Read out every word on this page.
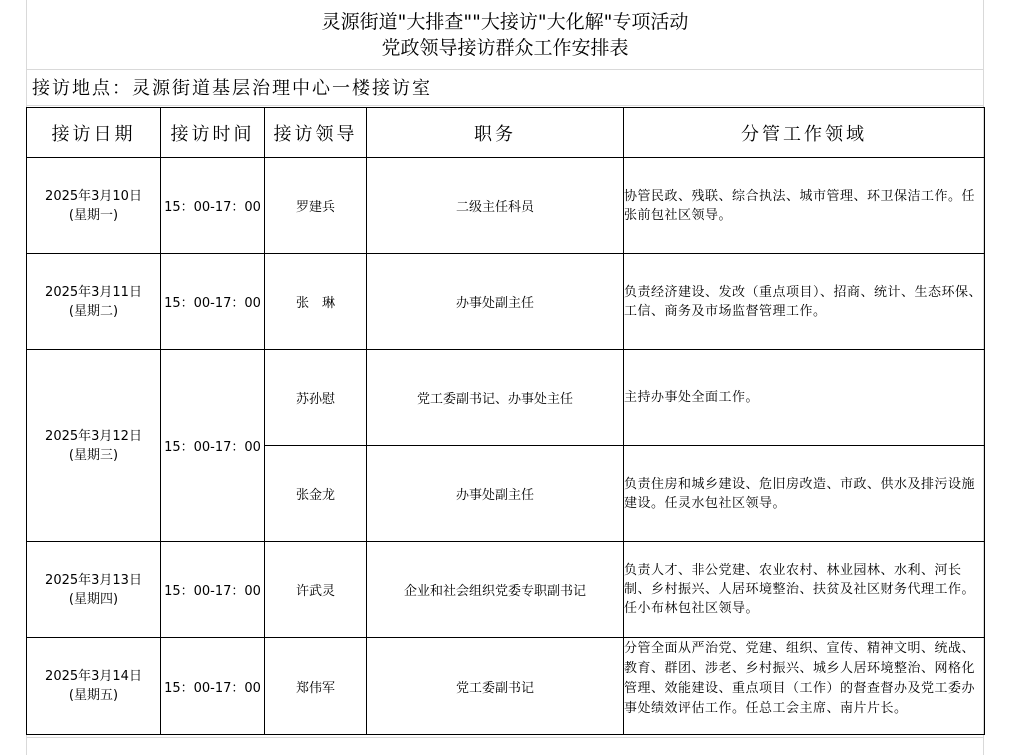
灵源街道"大排查""大接访"大化解"专项活动
党政领导接访群众工作安排表
接访地点：灵源街道基层治理中心一楼接访室
接访日期	接访时间	接访领导	职务	分管工作领域

2025年3月10日
(星期一)	15：00-17：00	罗建兵	二级主任科员	协管民政、残联、综合执法、城市管理、环卫保洁工作。任张前包社区领导。

2025年3月11日
(星期二)	15：00-17：00	张　琳	办事处副主任	负责经济建设、发改（重点项目）、招商、统计、生态环保、工信、商务及市场监督管理工作。

2025年3月12日
(星期三)	15：00-17：00	苏孙慰	党工委副书记、办事处主任	主持办事处全面工作。
		张金龙	办事处副主任	负责住房和城乡建设、危旧房改造、市政、供水及排污设施建设。任灵水包社区领导。

2025年3月13日
(星期四)	15：00-17：00	许武灵	企业和社会组织党委专职副书记	负责人才、非公党建、农业农村、林业园林、水利、河长制、乡村振兴、人居环境整治、扶贫及社区财务代理工作。任小布林包社区领导。

2025年3月14日
(星期五)	15：00-17：00	郑伟军	党工委副书记	分管全面从严治党、党建、组织、宣传、精神文明、统战、教育、群团、涉老、乡村振兴、城乡人居环境整治、网格化管理、效能建设、重点项目（工作）的督查督办及党工委办事处绩效评估工作。任总工会主席、南片片长。
